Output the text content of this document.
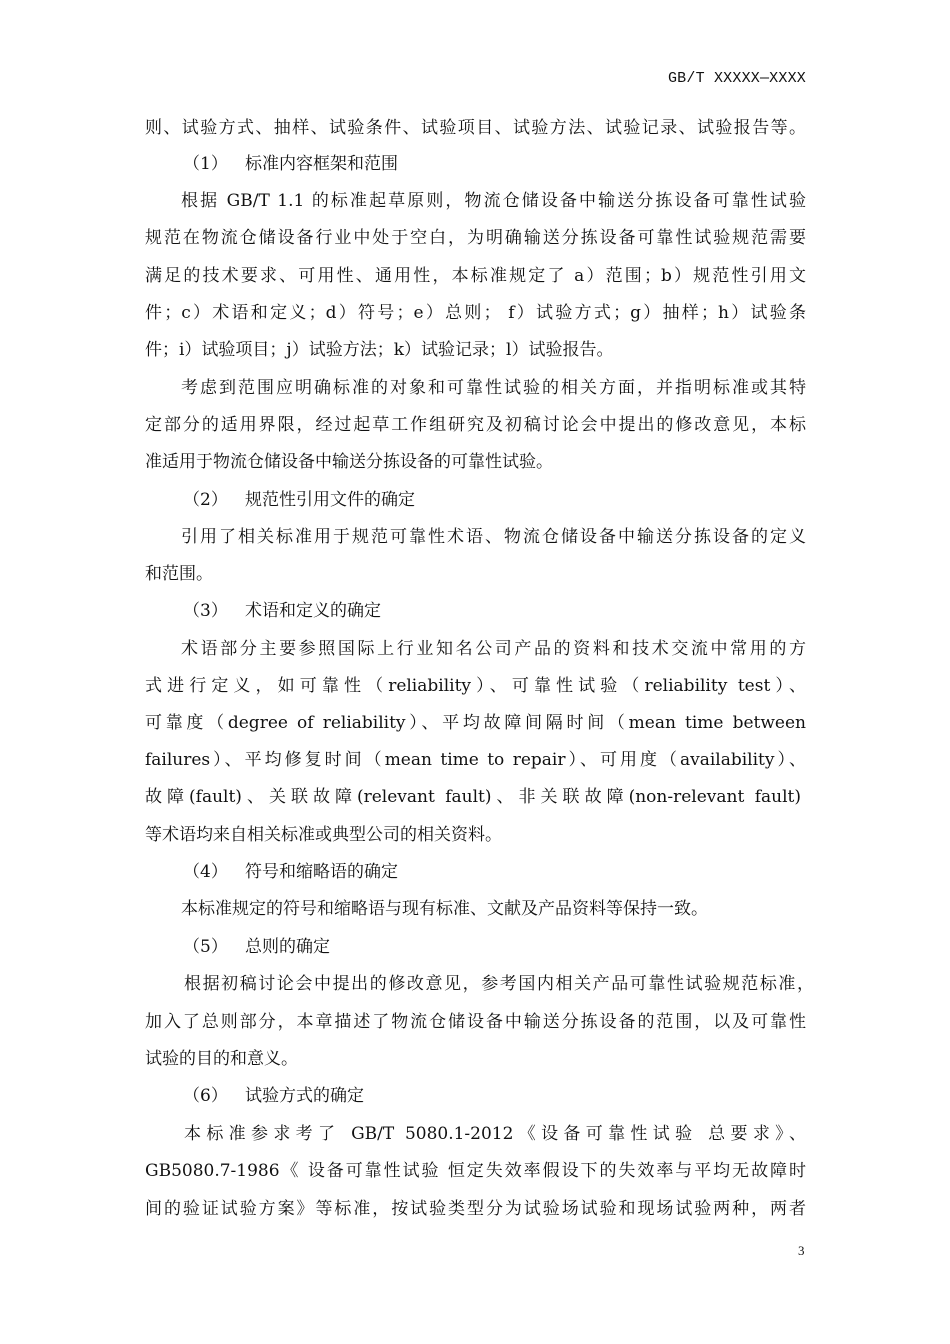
GB/T XXXXX—XXXX
则、试验方式、抽样、试验条件、试验项目、试验方法、试验记录、试验报告等。
（1） 标准内容框架和范围
根据 GB/T 1.1 的标准起草原则，物流仓储设备中输送分拣设备可靠性试验
规范在物流仓储设备行业中处于空白，为明确输送分拣设备可靠性试验规范需要
满足的技术要求、可用性、通用性，本标准规定了 a）范围；b）规范性引用文
件；c）术语和定义；d）符号；e）总则； f）试验方式；g）抽样；h）试验条
件；i）试验项目；j）试验方法；k）试验记录；l）试验报告。
考虑到范围应明确标准的对象和可靠性试验的相关方面，并指明标准或其特
定部分的适用界限，经过起草工作组研究及初稿讨论会中提出的修改意见，本标
准适用于物流仓储设备中输送分拣设备的可靠性试验。
（2） 规范性引用文件的确定
引用了相关标准用于规范可靠性术语、物流仓储设备中输送分拣设备的定义
和范围。
（3） 术语和定义的确定
术语部分主要参照国际上行业知名公司产品的资料和技术交流中常用的方
式进行定义，如可靠性（reliability）、可靠性试验（reliability test）、
可靠度（degree of reliability）、平均故障间隔时间（mean time between
failures）、平均修复时间（mean time to repair）、可用度（availability）、
故障(fault)、关联故障(relevant fault)、非关联故障(non-relevant fault)
等术语均来自相关标准或典型公司的相关资料。
（4） 符号和缩略语的确定
本标准规定的符号和缩略语与现有标准、文献及产品资料等保持一致。
（5） 总则的确定
根据初稿讨论会中提出的修改意见，参考国内相关产品可靠性试验规范标准，
加入了总则部分，本章描述了物流仓储设备中输送分拣设备的范围，以及可靠性
试验的目的和意义。
（6） 试验方式的确定
本标准参求考了 GB/T 5080.1-2012《设备可靠性试验 总要求》、
GB5080.7-1986《 设备可靠性试验 恒定失效率假设下的失效率与平均无故障时
间的验证试验方案》等标准，按试验类型分为试验场试验和现场试验两种，两者
3
